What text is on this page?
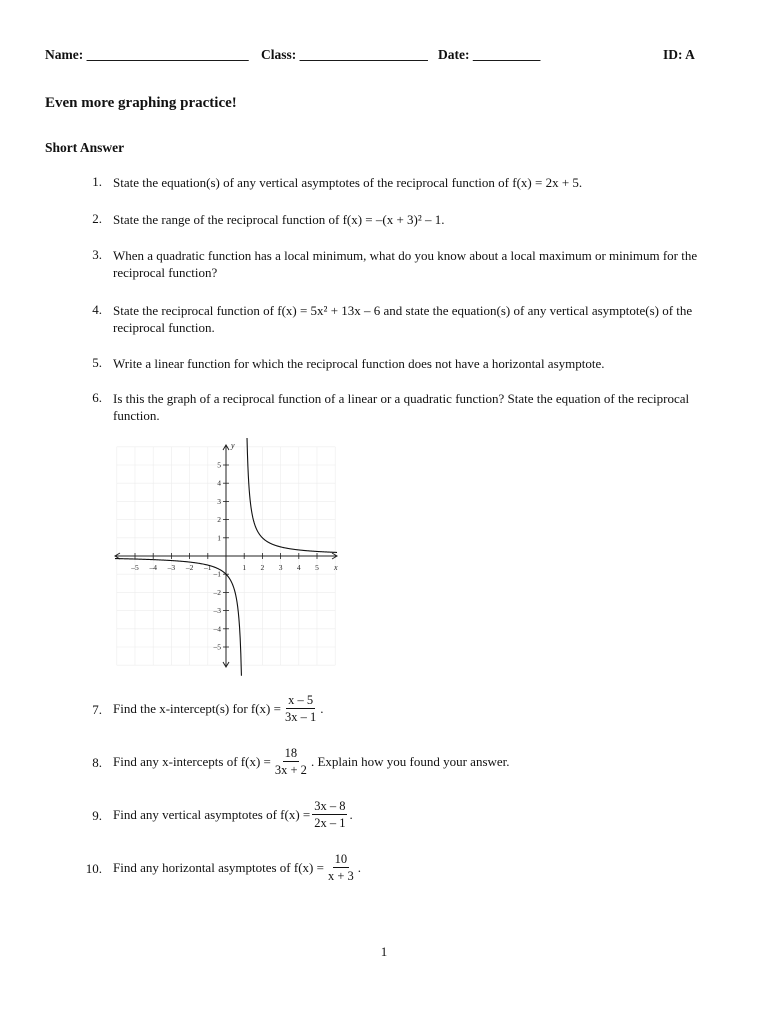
Name: ________________________ Class: ___________________ Date: __________	ID: A
Even more graphing practice!
Short Answer
1. State the equation(s) of any vertical asymptotes of the reciprocal function of f(x) = 2x + 5.
2. State the range of the reciprocal function of f(x) = –(x + 3)² – 1.
3. When a quadratic function has a local minimum, what do you know about a local maximum or minimum for the reciprocal function?
4. State the reciprocal function of f(x) = 5x² + 13x – 6 and state the equation(s) of any vertical asymptote(s) of the reciprocal function.
5. Write a linear function for which the reciprocal function does not have a horizontal asymptote.
6. Is this the graph of a reciprocal function of a linear or a quadratic function? State the equation of the reciprocal function.
–5 –4 –3 –2 –1	1 2 3 4 5
5
4
3
2
1
–1
–2
–3
–4
–5
x
y
7. Find the x-intercept(s) for $f(x) = \frac{x - 5}{3x - 1}$ .
8. Find any x-intercepts of $f(x) = \frac{18}{3x + 2}$ . Explain how you found your answer.
9. Find any vertical asymptotes of $f(x) = \frac{3x - 8}{2x - 1}$ .
10. Find any horizontal asymptotes of $f(x) = \frac{10}{x + 3}$ .
1
